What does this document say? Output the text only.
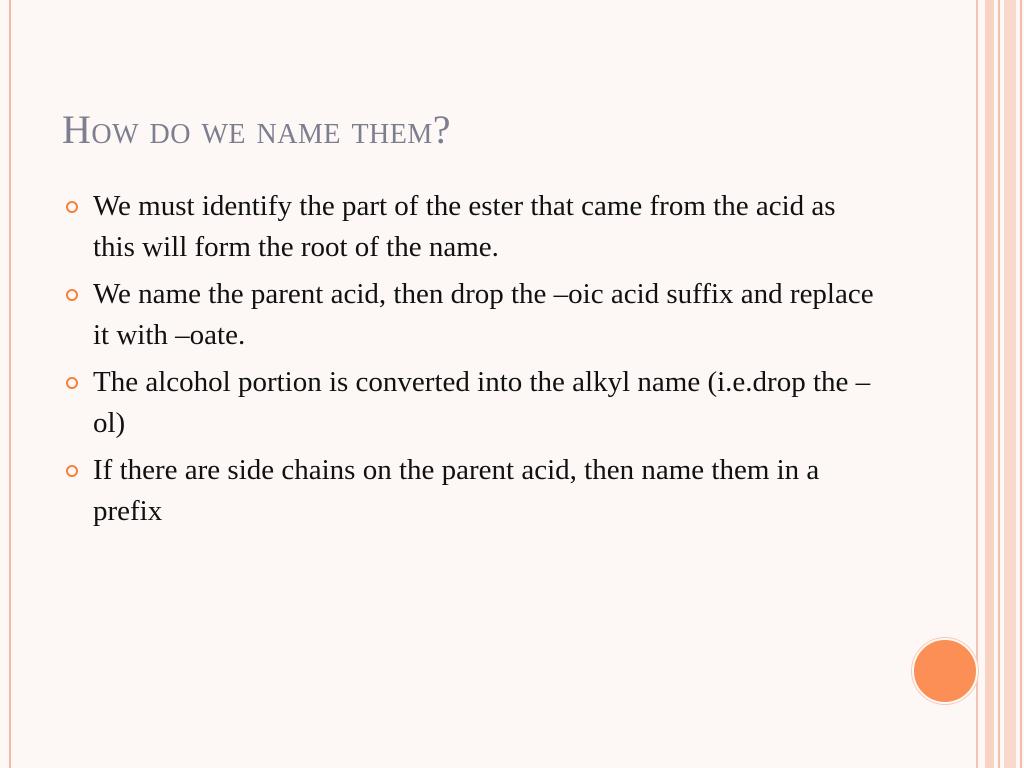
How do we name them?
We must identify the part of the ester that came from the acid as this will form the root of the name.
We name the parent acid, then drop the –oic acid suffix and replace it with –oate.
The alcohol portion is converted into the alkyl name (i.e.drop the –ol)
If there are side chains on the parent acid, then name them in a prefix
